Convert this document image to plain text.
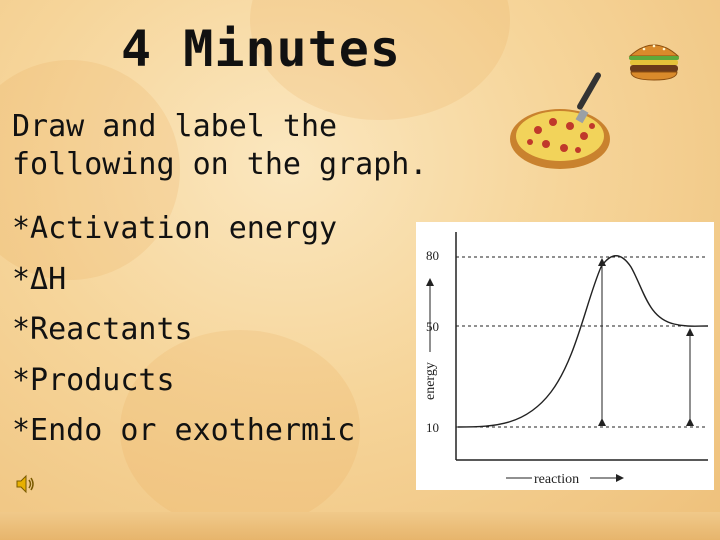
4 Minutes
Draw and label the
following on the graph.
*Activation energy
*ΔH
*Reactants
*Products
*Endo or exothermic
80
50
10
energy
reaction
